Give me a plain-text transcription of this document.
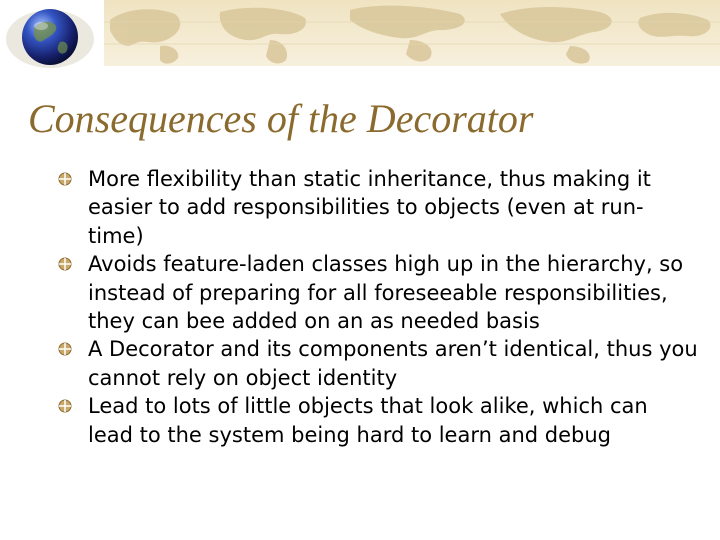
Consequences of the Decorator
More flexibility than static inheritance, thus making it easier to add responsibilities to objects (even at run-time)
Avoids feature-laden classes high up in the hierarchy, so instead of preparing for all foreseeable responsibilities, they can bee added on an as needed basis
A Decorator and its components aren’t identical, thus you cannot rely on object identity
Lead to lots of little objects that look alike, which can lead to the system being hard to learn and debug
